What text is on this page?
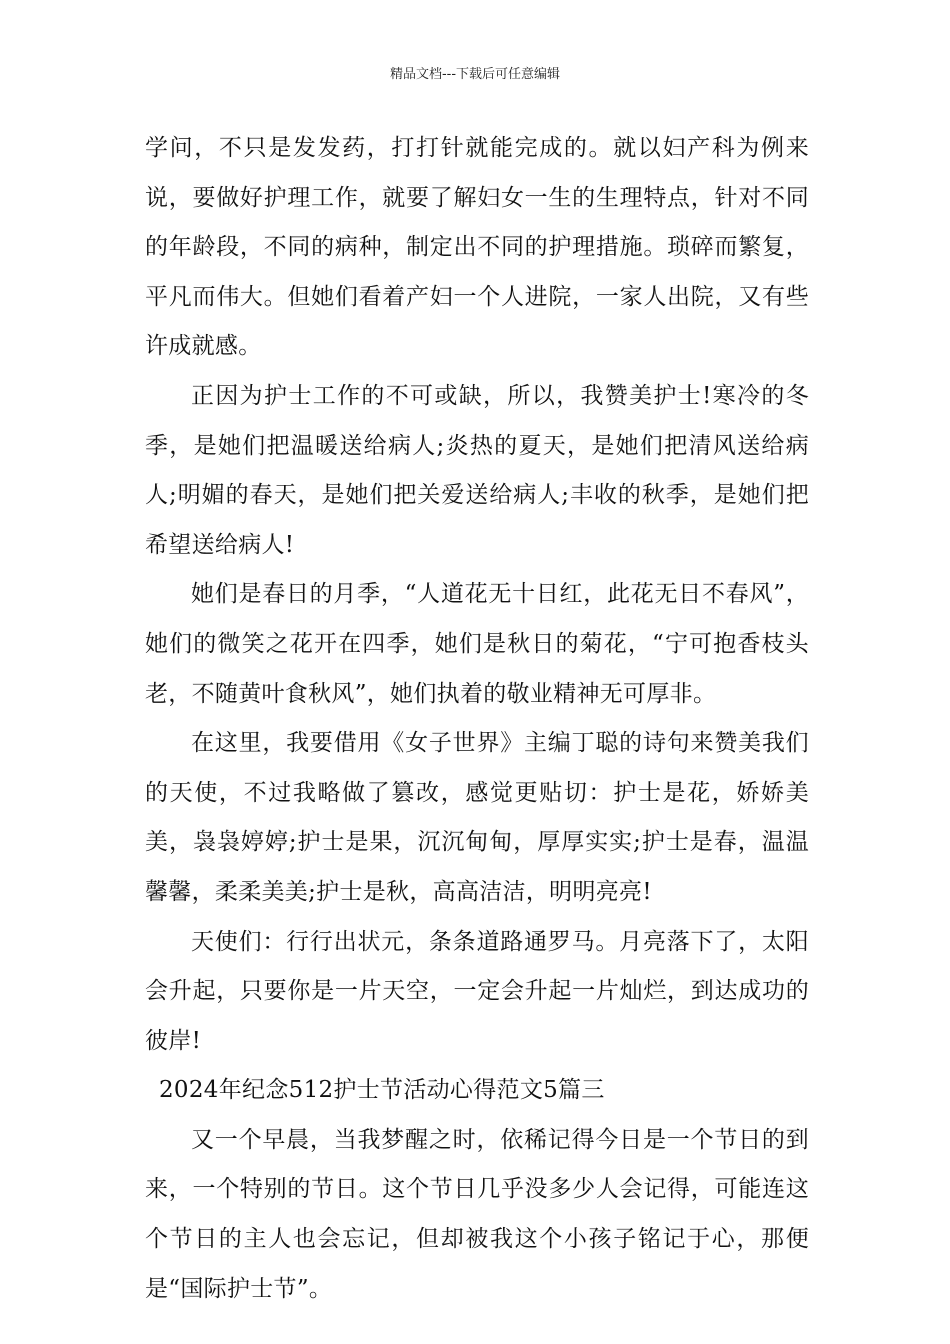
精品文档---下载后可任意编辑

学问，不只是发发药，打打针就能完成的。就以妇产科为例来说，要做好护理工作，就要了解妇女一生的生理特点，针对不同的年龄段，不同的病种，制定出不同的护理措施。琐碎而繁复，平凡而伟大。但她们看着产妇一个人进院，一家人出院，又有些许成就感。

正因为护士工作的不可或缺，所以，我赞美护士!寒冷的冬季，是她们把温暖送给病人;炎热的夏天，是她们把清风送给病人;明媚的春天，是她们把关爱送给病人;丰收的秋季，是她们把希望送给病人!

她们是春日的月季，“人道花无十日红，此花无日不春风”，她们的微笑之花开在四季，她们是秋日的菊花，“宁可抱香枝头老，不随黄叶食秋风”，她们执着的敬业精神无可厚非。

在这里，我要借用《女子世界》主编丁聪的诗句来赞美我们的天使，不过我略做了篡改，感觉更贴切：护士是花，娇娇美美，袅袅婷婷;护士是果，沉沉甸甸，厚厚实实;护士是春，温温馨馨，柔柔美美;护士是秋，高高洁洁，明明亮亮!

天使们：行行出状元，条条道路通罗马。月亮落下了，太阳会升起，只要你是一片天空，一定会升起一片灿烂，到达成功的彼岸!

2024年纪念512护士节活动心得范文5篇三

又一个早晨，当我梦醒之时，依稀记得今日是一个节日的到来，一个特别的节日。这个节日几乎没多少人会记得，可能连这个节日的主人也会忘记，但却被我这个小孩子铭记于心，那便是“国际护士节”。
